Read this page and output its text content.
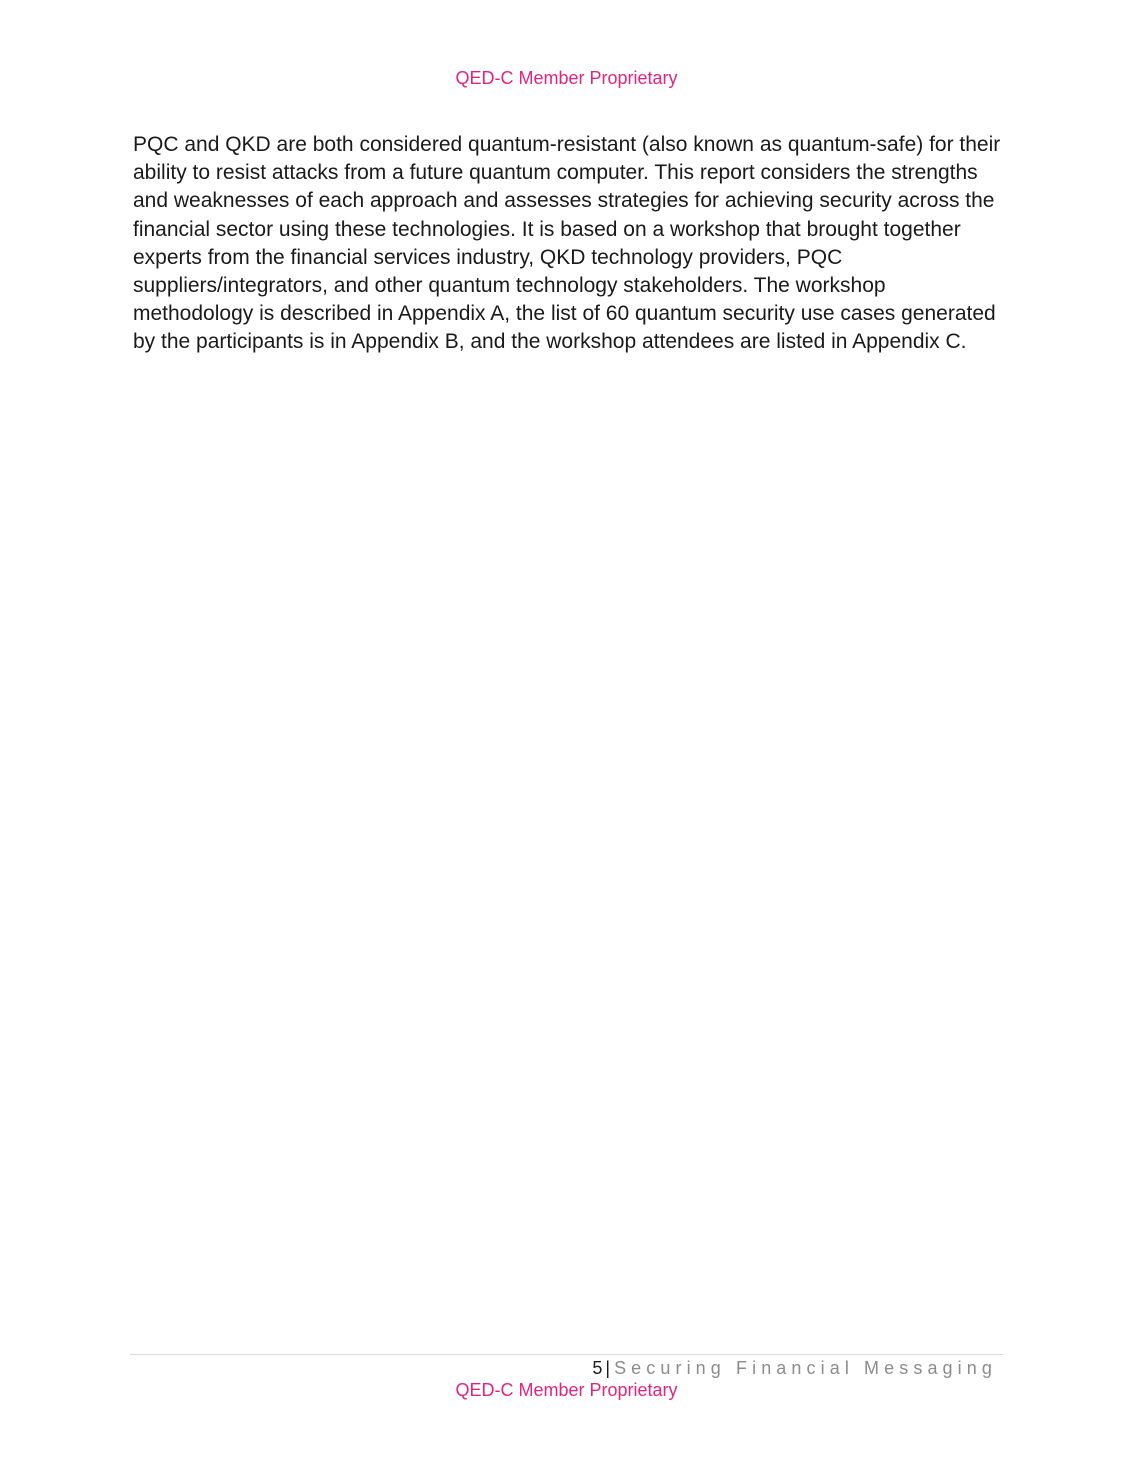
QED-C Member Proprietary

PQC and QKD are both considered quantum-resistant (also known as quantum-safe) for their ability to resist attacks from a future quantum computer. This report considers the strengths and weaknesses of each approach and assesses strategies for achieving security across the financial sector using these technologies. It is based on a workshop that brought together experts from the financial services industry, QKD technology providers, PQC suppliers/integrators, and other quantum technology stakeholders. The workshop methodology is described in Appendix A, the list of 60 quantum security use cases generated by the participants is in Appendix B, and the workshop attendees are listed in Appendix C.

5 | Securing Financial Messaging
QED-C Member Proprietary
